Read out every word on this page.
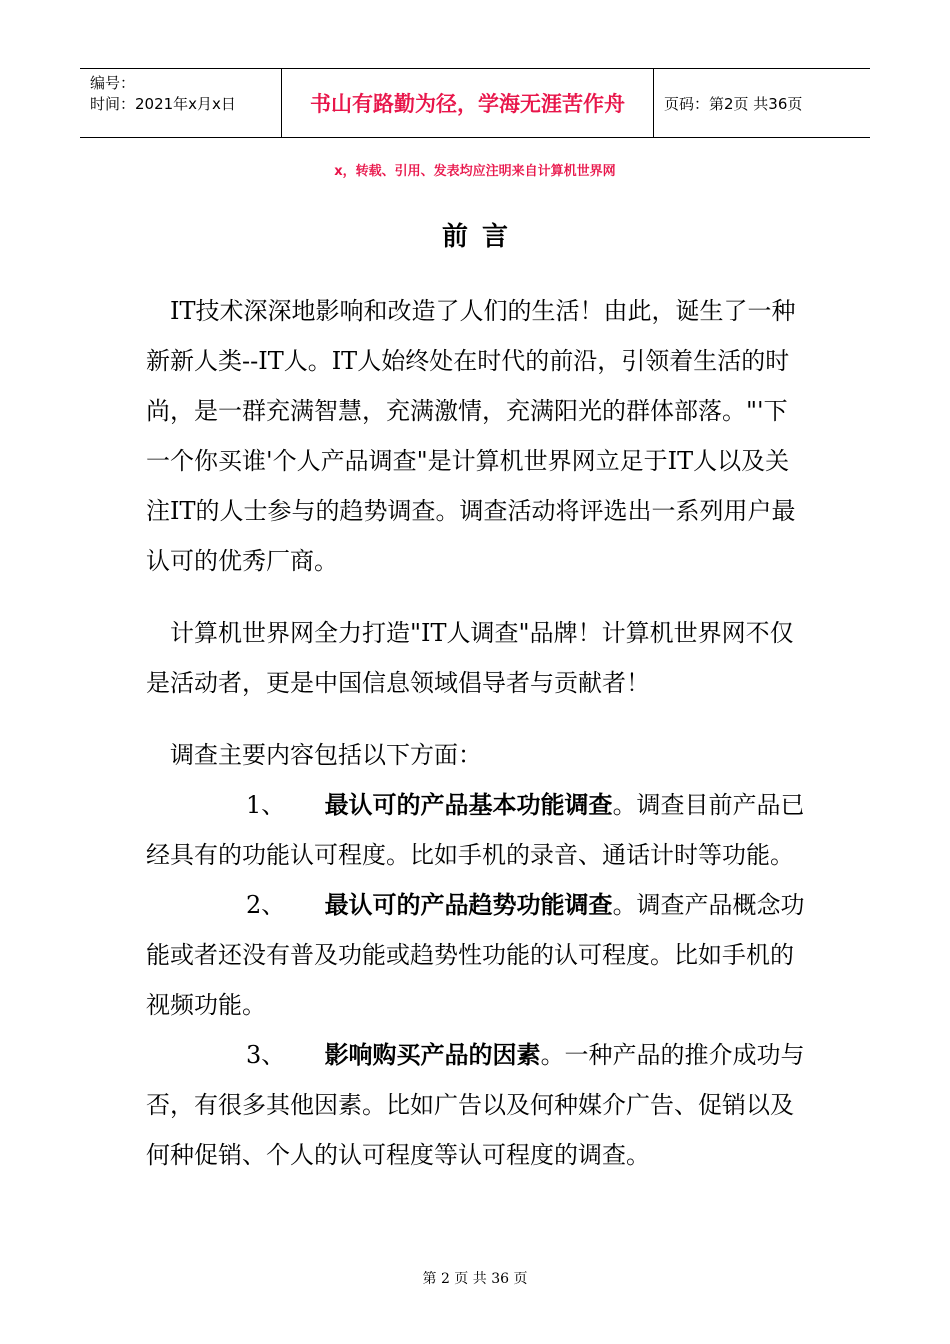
编号：
时间：2021年x月x日	书山有路勤为径，学海无涯苦作舟	页码：第2页 共36页
x，转载、引用、发表均应注明来自计算机世界网
前言

IT技术深深地影响和改造了人们的生活！由此，诞生了一种新新人类--IT人。IT人始终处在时代的前沿，引领着生活的时尚，是一群充满智慧，充满激情，充满阳光的群体部落。"'下一个你买谁'个人产品调查"是计算机世界网立足于IT人以及关注IT的人士参与的趋势调查。调查活动将评选出一系列用户最认可的优秀厂商。

计算机世界网全力打造"IT人调查"品牌！计算机世界网不仅是活动者，更是中国信息领域倡导者与贡献者！

调查主要内容包括以下方面：

1、 最认可的产品基本功能调查。调查目前产品已经具有的功能认可程度。比如手机的录音、通话计时等功能。

2、 最认可的产品趋势功能调查。调查产品概念功能或者还没有普及功能或趋势性功能的认可程度。比如手机的视频功能。

3、 影响购买产品的因素。一种产品的推介成功与否，有很多其他因素。比如广告以及何种媒介广告、促销以及何种促销、个人的认可程度等认可程度的调查。

第 2 页 共 36 页
